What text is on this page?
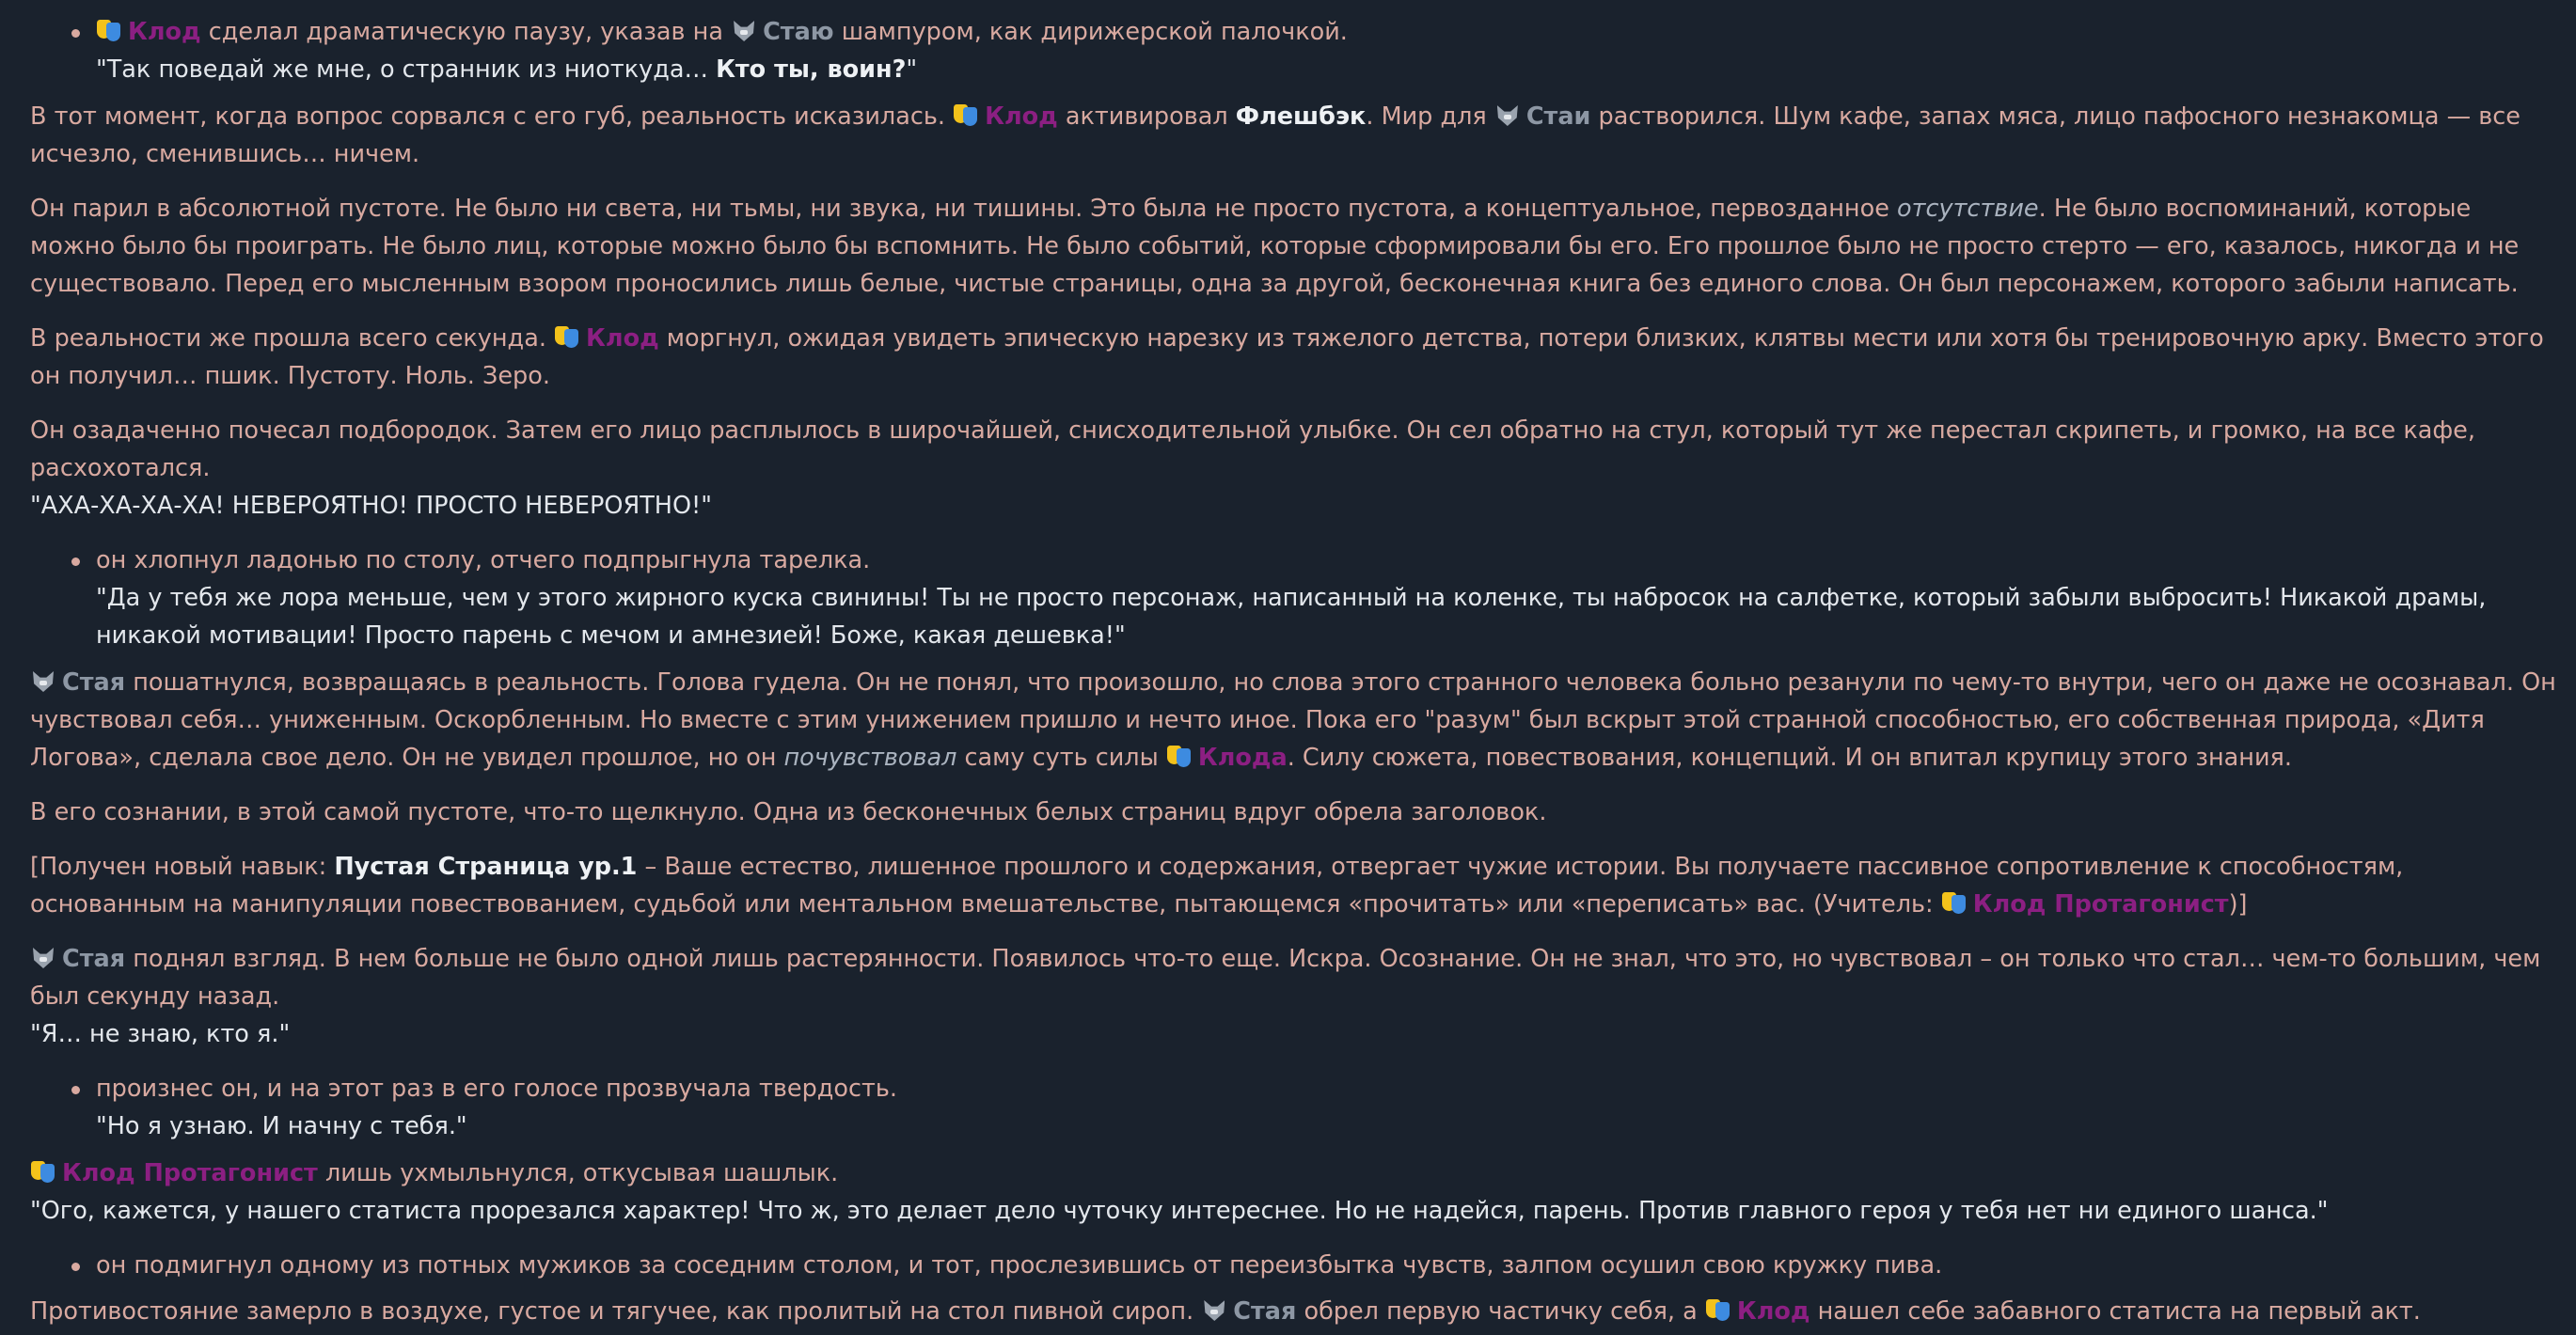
Клод сделал драматическую паузу, указав на Стаю шампуром, как дирижерской палочкой.
"Так поведай же мне, о странник из ниоткуда… Кто ты, воин?"
В тот момент, когда вопрос сорвался с его губ, реальность исказилась. Клод активировал Флешбэк. Мир для Стаи растворился. Шум кафе, запах мяса, лицо пафосного незнакомца — все исчезло, сменившись… ничем.
Он парил в абсолютной пустоте. Не было ни света, ни тьмы, ни звука, ни тишины. Это была не просто пустота, а концептуальное, первозданное отсутствие. Не было воспоминаний, которые можно было бы проиграть. Не было лиц, которые можно было бы вспомнить. Не было событий, которые сформировали бы его. Его прошлое было не просто стерто — его, казалось, никогда и не существовало. Перед его мысленным взором проносились лишь белые, чистые страницы, одна за другой, бесконечная книга без единого слова. Он был персонажем, которого забыли написать.
В реальности же прошла всего секунда. Клод моргнул, ожидая увидеть эпическую нарезку из тяжелого детства, потери близких, клятвы мести или хотя бы тренировочную арку. Вместо этого он получил… пшик. Пустоту. Ноль. Зеро.
Он озадаченно почесал подбородок. Затем его лицо расплылось в широчайшей, снисходительной улыбке. Он сел обратно на стул, который тут же перестал скрипеть, и громко, на все кафе, расхохотался.
"АХА-ХА-ХА-ХА! НЕВЕРОЯТНО! ПРОСТО НЕВЕРОЯТНО!"
он хлопнул ладонью по столу, отчего подпрыгнула тарелка.
"Да у тебя же лора меньше, чем у этого жирного куска свинины! Ты не просто персонаж, написанный на коленке, ты набросок на салфетке, который забыли выбросить! Никакой драмы, никакой мотивации! Просто парень с мечом и амнезией! Боже, какая дешевка!"
Стая пошатнулся, возвращаясь в реальность. Голова гудела. Он не понял, что произошло, но слова этого странного человека больно резанули по чему-то внутри, чего он даже не осознавал. Он чувствовал себя… униженным. Оскорбленным. Но вместе с этим унижением пришло и нечто иное. Пока его "разум" был вскрыт этой странной способностью, его собственная природа, «Дитя Логова», сделала свое дело. Он не увидел прошлое, но он почувствовал саму суть силы Клода. Силу сюжета, повествования, концепций. И он впитал крупицу этого знания.
В его сознании, в этой самой пустоте, что-то щелкнуло. Одна из бесконечных белых страниц вдруг обрела заголовок.
[Получен новый навык: Пустая Страница ур.1 – Ваше естество, лишенное прошлого и содержания, отвергает чужие истории. Вы получаете пассивное сопротивление к способностям, основанным на манипуляции повествованием, судьбой или ментальном вмешательстве, пытающемся «прочитать» или «переписать» вас. (Учитель: Клод Протагонист)]
Стая поднял взгляд. В нем больше не было одной лишь растерянности. Появилось что-то еще. Искра. Осознание. Он не знал, что это, но чувствовал – он только что стал… чем-то большим, чем был секунду назад.
"Я… не знаю, кто я."
произнес он, и на этот раз в его голосе прозвучала твердость.
"Но я узнаю. И начну с тебя."
Клод Протагонист лишь ухмыльнулся, откусывая шашлык.
"Ого, кажется, у нашего статиста прорезался характер! Что ж, это делает дело чуточку интереснее. Но не надейся, парень. Против главного героя у тебя нет ни единого шанса."
он подмигнул одному из потных мужиков за соседним столом, и тот, прослезившись от переизбытка чувств, залпом осушил свою кружку пива.
Противостояние замерло в воздухе, густое и тягучее, как пролитый на стол пивной сироп. Стая обрел первую частичку себя, а Клод нашел себе забавного статиста на первый акт.
